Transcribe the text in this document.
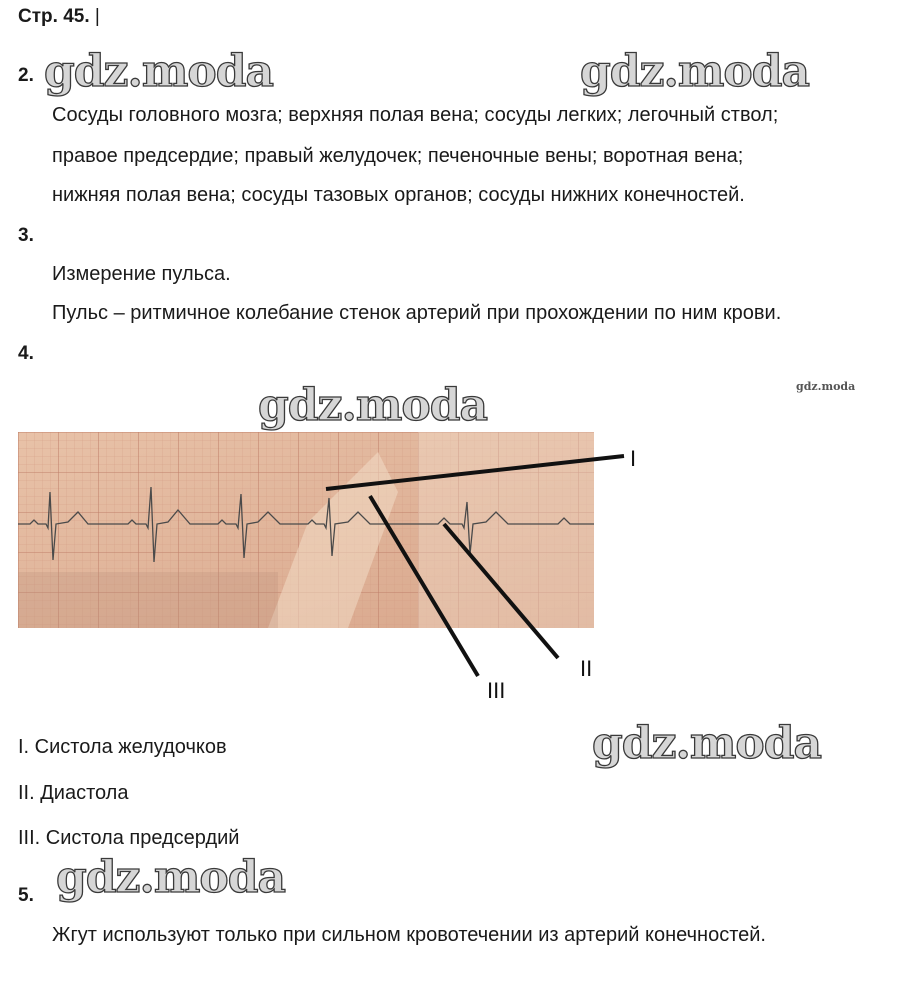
Стр. 45. |
2. gdz.moda	gdz.moda
Сосуды головного мозга; верхняя полая вена; сосуды легких; легочный ствол;
правое предсердие; правый желудочек; печеночные вены; воротная вена;
нижняя полая вена; сосуды тазовых органов; сосуды нижних конечностей.
3.
Измерение пульса.
Пульс – ритмичное колебание стенок артерий при прохождении по ним крови.
4.
gdz.moda
gdz.moda
I
II
III
I. Систола желудочков	gdz.moda
II. Диастола
III. Систола предсердий
5. gdz.moda
Жгут используют только при сильном кровотечении из артерий конечностей.
